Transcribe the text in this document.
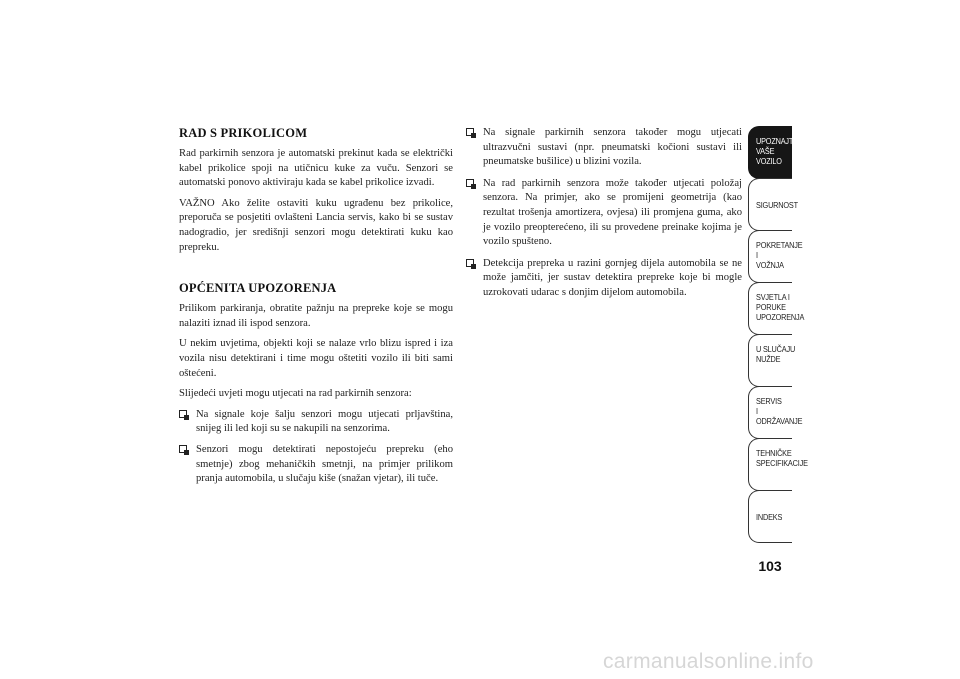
RAD S PRIKOLICOM

Rad parkirnih senzora je automatski prekinut kada se električki kabel prikolice spoji na utičnicu kuke za vuču. Senzori se automatski ponovo aktiviraju kada se kabel prikolice izvadi.

VAŽNO Ako želite ostaviti kuku ugrađenu bez prikolice, preporuča se posjetiti ovlašteni Lancia servis, kako bi se sustav nadogradio, jer središnji senzori mogu detektirati kuku kao prepreku.

OPĆENITA UPOZORENJA

Prilikom parkiranja, obratite pažnju na prepreke koje se mogu nalaziti iznad ili ispod senzora.

U nekim uvjetima, objekti koji se nalaze vrlo blizu ispred i iza vozila nisu detektirani i time mogu oštetiti vozilo ili biti sami oštećeni.

Slijedeći uvjeti mogu utjecati na rad parkirnih senzora:

Na signale koje šalju senzori mogu utjecati prljavština, snijeg ili led koji su se nakupili na senzorima.
Senzori mogu detektirati nepostojeću prepreku (eho smetnje) zbog mehaničkih smetnji, na primjer prilikom pranja automobila, u slučaju kiše (snažan vjetar), ili tuče.
Na signale parkirnih senzora također mogu utjecati ultrazvučni sustavi (npr. pneumatski kočioni sustavi ili pneumatske bušilice) u blizini vozila.
Na rad parkirnih senzora može također utjecati položaj senzora. Na primjer, ako se promijeni geometrija (kao rezultat trošenja amortizera, ovjesa) ili promjena guma, ako je vozilo preopterećeno, ili su provedene preinake kojima je vozilo spušteno.
Detekcija prepreka u razini gornjeg dijela automobila se ne može jamčiti, jer sustav detektira prepreke koje bi mogle uzrokovati udarac s donjim dijelom automobila.
UPOZNAJTE
VAŠE
VOZILO
SIGURNOST
POKRETANJE
I
VOŽNJA
SVJETLA I
PORUKE
UPOZORENJA
U SLUČAJU
NUŽDE
SERVIS
I
ODRŽAVANJE
TEHNIČKE
SPECIFIKACIJE
INDEKS
103
carmanualsonline.info
